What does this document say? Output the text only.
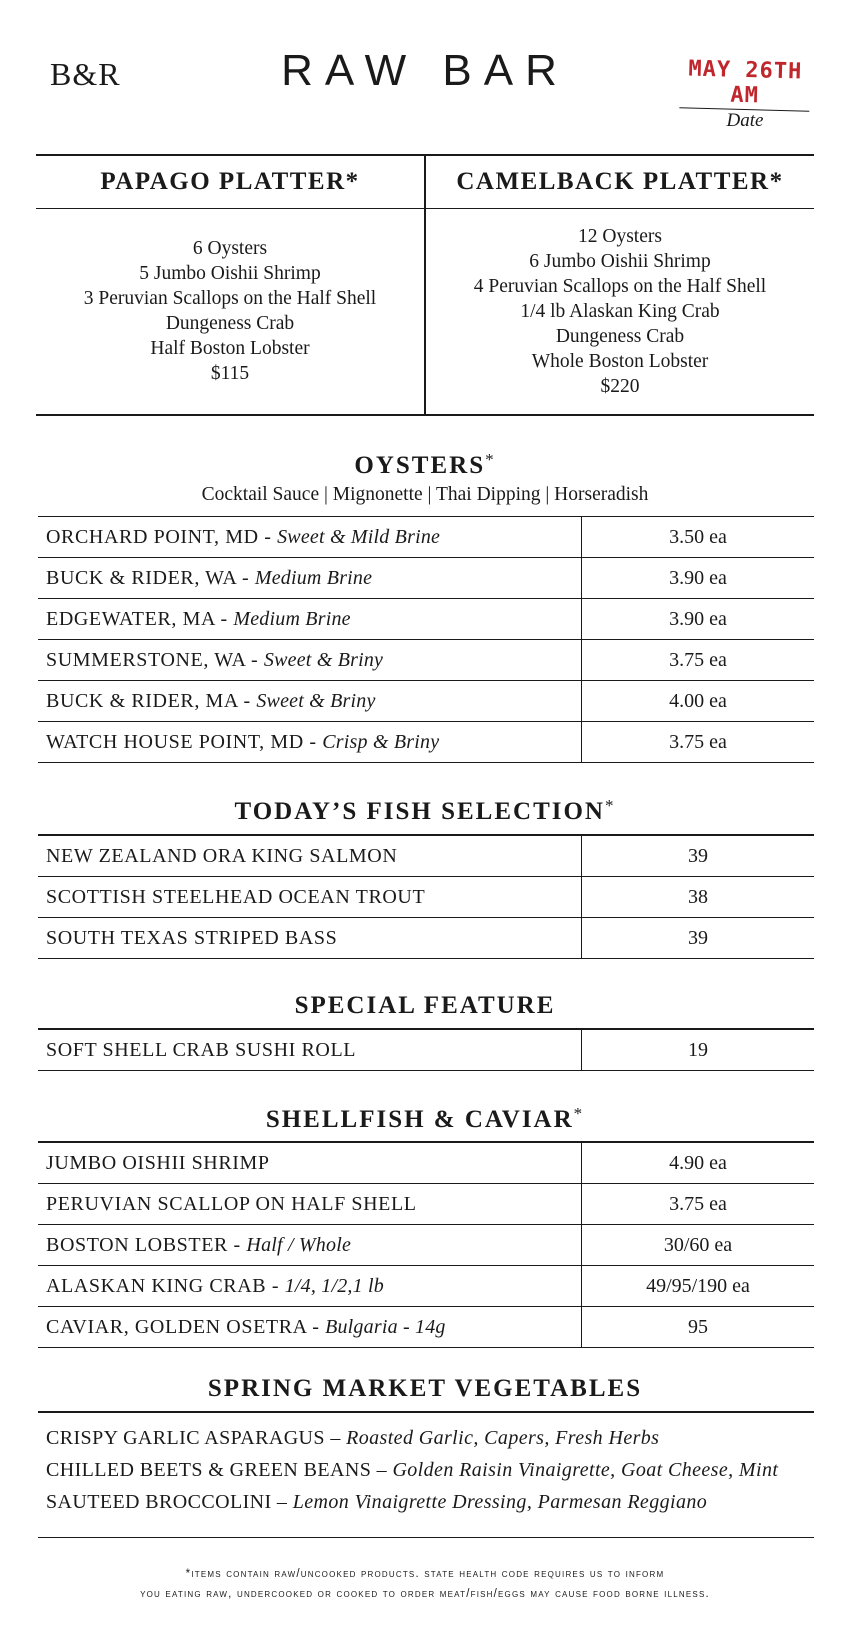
B&R	RAW BAR	MAY 26TH AM
Date
PAPAGO PLATTER*
6 Oysters
5 Jumbo Oishii Shrimp
3 Peruvian Scallops on the Half Shell
Dungeness Crab
Half Boston Lobster
$115
CAMELBACK PLATTER*
12 Oysters
6 Jumbo Oishii Shrimp
4 Peruvian Scallops on the Half Shell
1/4 lb Alaskan King Crab
Dungeness Crab
Whole Boston Lobster
$220
OYSTERS*
Cocktail Sauce | Mignonette | Thai Dipping | Horseradish
ORCHARD POINT, MD - Sweet & Mild Brine	3.50 ea
BUCK & RIDER, WA - Medium Brine	3.90 ea
EDGEWATER, MA - Medium Brine	3.90 ea
SUMMERSTONE, WA - Sweet & Briny	3.75 ea
BUCK & RIDER, MA - Sweet & Briny	4.00 ea
WATCH HOUSE POINT, MD - Crisp & Briny	3.75 ea
TODAY’S FISH SELECTION*
NEW ZEALAND ORA KING SALMON	39
SCOTTISH STEELHEAD OCEAN TROUT	38
SOUTH TEXAS STRIPED BASS	39
SPECIAL FEATURE
SOFT SHELL CRAB SUSHI ROLL	19
SHELLFISH & CAVIAR*
JUMBO OISHII SHRIMP	4.90 ea
PERUVIAN SCALLOP ON HALF SHELL	3.75 ea
BOSTON LOBSTER - Half / Whole	30/60 ea
ALASKAN KING CRAB - 1/4, 1/2,1 lb	49/95/190 ea
CAVIAR, GOLDEN OSETRA - Bulgaria - 14g	95
SPRING MARKET VEGETABLES
CRISPY GARLIC ASPARAGUS – Roasted Garlic, Capers, Fresh Herbs
CHILLED BEETS & GREEN BEANS – Golden Raisin Vinaigrette, Goat Cheese, Mint
SAUTEED BROCCOLINI – Lemon Vinaigrette Dressing, Parmesan Reggiano
*items contain raw/uncooked products. state health code requires us to inform
you eating raw, undercooked or cooked to order meat/fish/eggs may cause food borne illness.
